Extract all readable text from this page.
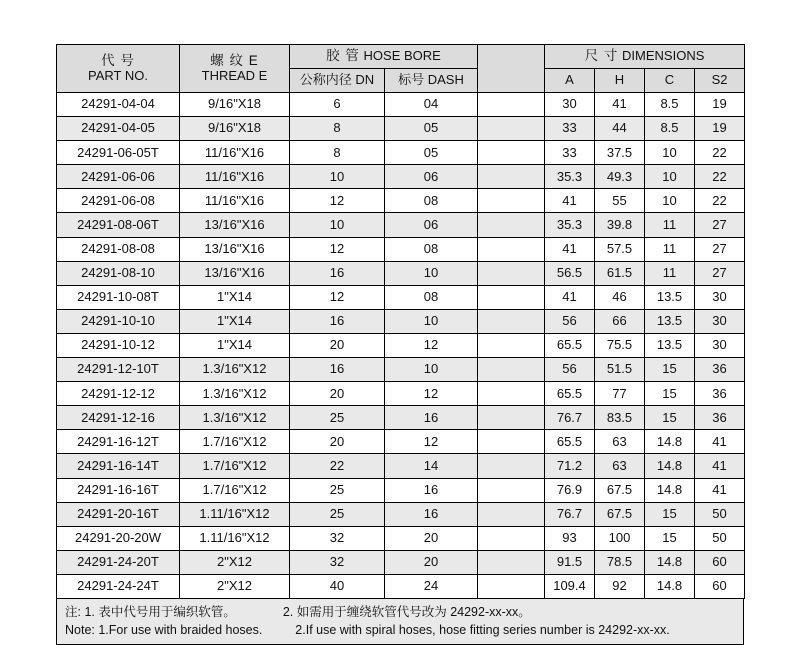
代 号
PART NO.	螺 纹 E
THREAD E	胶 管 HOSE BORE			尺 寸 DIMENSIONS			
		公称内径 DN	标号 DASH		A	H	C	S2
24291-04-04	9/16"X18	6	04		30	41	8.5	19
24291-04-05	9/16"X18	8	05		33	44	8.5	19
24291-06-05T	11/16"X16	8	05		33	37.5	10	22
24291-06-06	11/16"X16	10	06		35.3	49.3	10	22
24291-06-08	11/16"X16	12	08		41	55	10	22
24291-08-06T	13/16"X16	10	06		35.3	39.8	11	27
24291-08-08	13/16"X16	12	08		41	57.5	11	27
24291-08-10	13/16"X16	16	10		56.5	61.5	11	27
24291-10-08T	1"X14	12	08		41	46	13.5	30
24291-10-10	1"X14	16	10		56	66	13.5	30
24291-10-12	1"X14	20	12		65.5	75.5	13.5	30
24291-12-10T	1.3/16"X12	16	10		56	51.5	15	36
24291-12-12	1.3/16"X12	20	12		65.5	77	15	36
24291-12-16	1.3/16"X12	25	16		76.7	83.5	15	36
24291-16-12T	1.7/16"X12	20	12		65.5	63	14.8	41
24291-16-14T	1.7/16"X12	22	14		71.2	63	14.8	41
24291-16-16T	1.7/16"X12	25	16		76.9	67.5	14.8	41
24291-20-16T	1.11/16"X12	25	16		76.7	67.5	15	50
24291-20-20W	1.11/16"X12	32	20		93	100	15	50
24291-24-20T	2"X12	32	20		91.5	78.5	14.8	60
24291-24-24T	2"X12	40	24		109.4	92	14.8	60
注: 1. 表中代号用于编织软管。	2. 如需用于缠绕软管代号改为 24292-xx-xx。
Note: 1.For use with braided hoses.	2.If use with spiral hoses, hose fitting series number is 24292-xx-xx.
